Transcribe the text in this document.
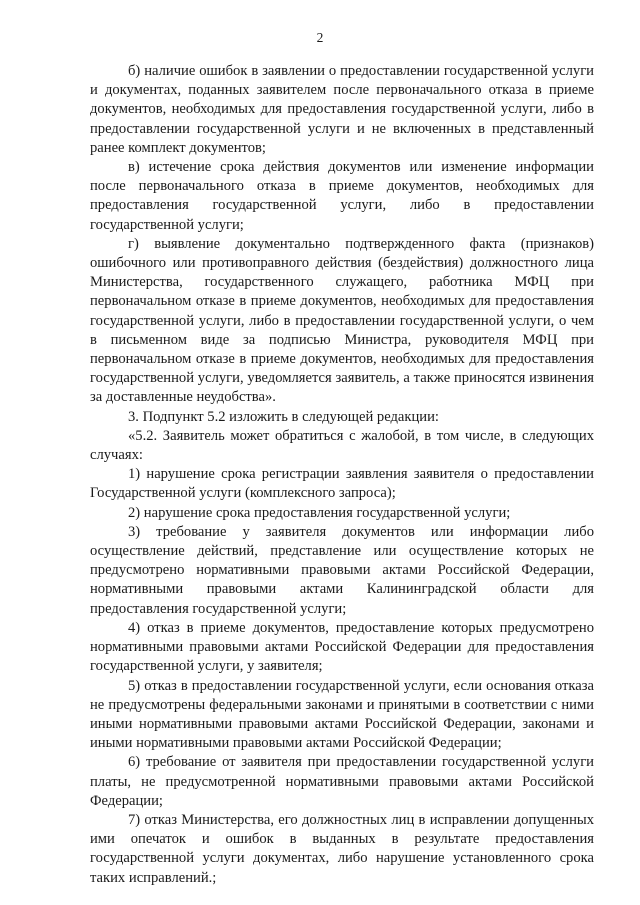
2

б) наличие ошибок в заявлении о предоставлении государственной услуги и документах, поданных заявителем после первоначального отказа в приеме документов, необходимых для предоставления государственной услуги, либо в предоставлении государственной услуги и не включенных в представленный ранее комплект документов;

в) истечение срока действия документов или изменение информации после первоначального отказа в приеме документов, необходимых для предоставления государственной услуги, либо в предоставлении государственной услуги;

г) выявление документально подтвержденного факта (признаков) ошибочного или противоправного действия (бездействия) должностного лица Министерства, государственного служащего, работника МФЦ при первоначальном отказе в приеме документов, необходимых для предоставления государственной услуги, либо в предоставлении государственной услуги, о чем в письменном виде за подписью Министра, руководителя МФЦ при первоначальном отказе в приеме документов, необходимых для предоставления государственной услуги, уведомляется заявитель, а также приносятся извинения за доставленные неудобства».

3. Подпункт 5.2 изложить в следующей редакции:

«5.2. Заявитель может обратиться с жалобой, в том числе, в следующих случаях:

1) нарушение срока регистрации заявления заявителя о предоставлении Государственной услуги (комплексного запроса);

2) нарушение срока предоставления государственной услуги;

3) требование у заявителя документов или информации либо осуществление действий, представление или осуществление которых не предусмотрено нормативными правовыми актами Российской Федерации, нормативными правовыми актами Калининградской области для предоставления государственной услуги;

4) отказ в приеме документов, предоставление которых предусмотрено нормативными правовыми актами Российской Федерации для предоставления государственной услуги, у заявителя;

5) отказ в предоставлении государственной услуги, если основания отказа не предусмотрены федеральными законами и принятыми в соответствии с ними иными нормативными правовыми актами Российской Федерации, законами и иными нормативными правовыми актами Российской Федерации;

6) требование от заявителя при предоставлении государственной услуги платы, не предусмотренной нормативными правовыми актами Российской Федерации;

7) отказ Министерства, его должностных лиц в исправлении допущенных ими опечаток и ошибок в выданных в результате предоставления государственной услуги документах, либо нарушение установленного срока таких исправлений.;
